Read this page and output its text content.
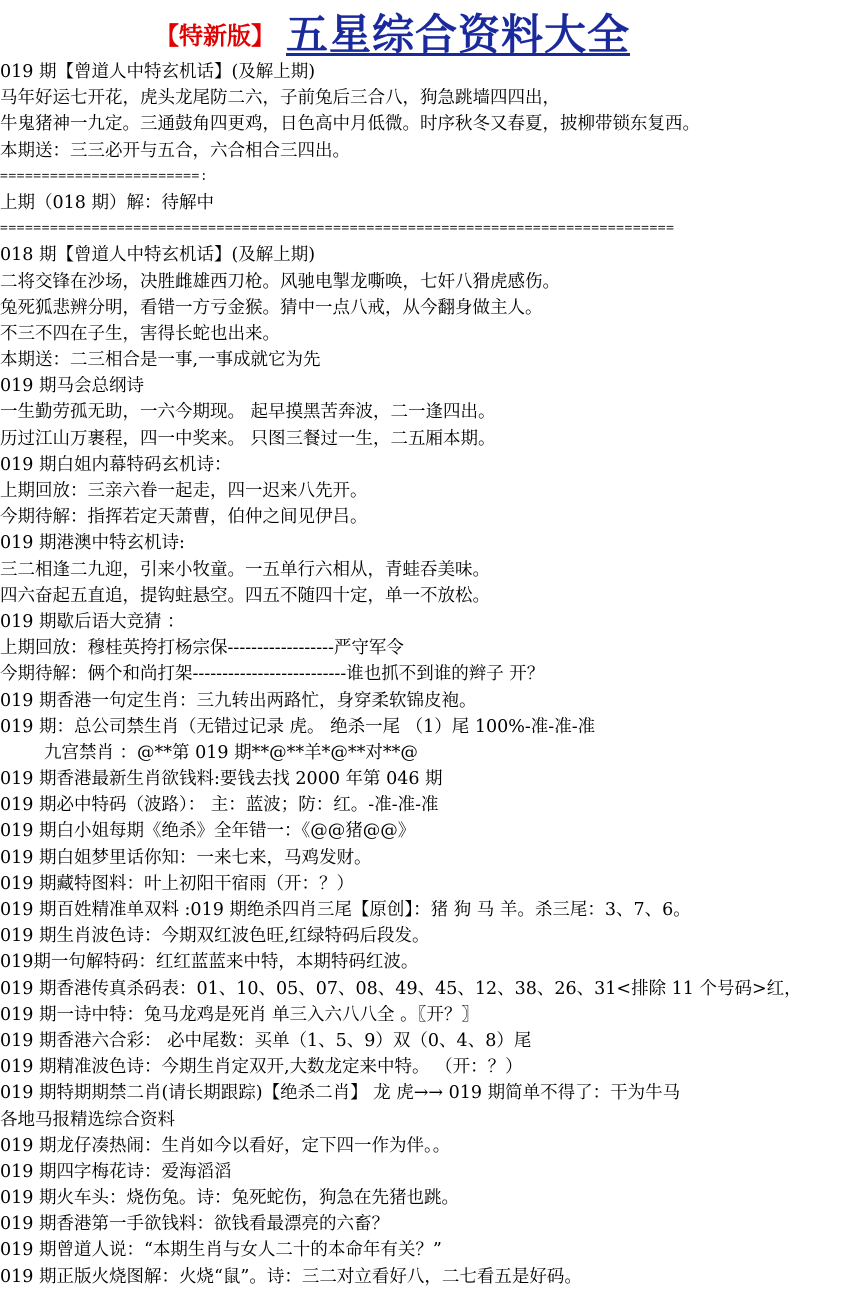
【特新版】 五星综合资料大全
019 期【曾道人中特玄机话】(及解上期)
马年好运七开花，虎头龙尾防二六，子前兔后三合八，狗急跳墙四四出，
牛鬼猪神一九定。三通鼓角四更鸡，日色高中月低微。时序秋冬又春夏，披柳带锁东复西。
本期送：三三必开与五合，六合相合三四出。
========================:
上期（018 期）解：待解中
=================================================================================
018 期【曾道人中特玄机话】(及解上期)
二将交锋在沙场，决胜雌雄西刀枪。风驰电掣龙嘶唤，七奸八猾虎感伤。
兔死狐悲辨分明，看错一方亏金猴。猜中一点八戒，从今翻身做主人。
不三不四在子生，害得长蛇也出来。
本期送：二三相合是一事,一事成就它为先
019 期马会总纲诗
一生勤劳孤无助，一六今期现。 起早摸黑苦奔波，二一逢四出。
历过江山万裹程，四一中奖来。 只图三餐过一生，二五厢本期。
019 期白姐内幕特码玄机诗：
上期回放：三亲六眷一起走，四一迟来八先开。
今期待解：指挥若定天萧曹，伯仲之间见伊吕。
019 期港澳中特玄机诗:
三二相逢二九迎，引来小牧童。一五单行六相从，青蛙吞美味。
四六奋起五直追，提钩蛀悬空。四五不随四十定，单一不放松。
019 期歇后语大竞猜 ：
上期回放：穆桂英挎打杨宗保------------------严守军令
今期待解：俩个和尚打架--------------------------谁也抓不到谁的辫子 开？
019 期香港一句定生肖：三九转出两路忙，身穿柔软锦皮袍。
019 期：总公司禁生肖（无错过记录 虎。 绝杀一尾 （1）尾 100%-准-准-准
九宫禁肖 ：@**第 019 期**@**羊*@**对**@
019 期香港最新生肖欲钱料:要钱去找 2000 年第 046 期
019 期必中特码（波路）： 主：蓝波；防：红。-准-准-准
019 期白小姐每期《绝杀》全年错一：《@@猪@@》
019 期白姐梦里话你知：一来七来，马鸡发财。
019 期藏特图料：叶上初阳干宿雨（开：？）
019 期百姓精准单双料 :019 期绝杀四肖三尾【原创】：猪 狗 马 羊。杀三尾：3、7、6。
019 期生肖波色诗：今期双红波色旺,红绿特码后段发。
019期一句解特码：红红蓝蓝来中特，本期特码红波。
019 期香港传真杀码表：01、10、05、07、08、49、45、12、38、26、31<排除 11 个号码>红，
019 期一诗中特：兔马龙鸡是死肖 单三入六八八全 。〖开？〗
019 期香港六合彩： 必中尾数：买单（1、5、9）双（0、4、8）尾
019 期精准波色诗：今期生肖定双开,大数龙定来中特。 （开：？）
019 期特期期禁二肖(请长期跟踪)【绝杀二肖】 龙 虎→→ 019 期简单不得了：干为牛马
各地马报精选综合资料
019 期龙仔凑热闹：生肖如今以看好，定下四一作为伴。。
019 期四字梅花诗：爱海滔滔
019 期火车头：烧伤兔。诗：兔死蛇伤，狗急在先猪也跳。
019 期香港第一手欲钱料：欲钱看最漂亮的六畜？
019 期曾道人说：“本期生肖与女人二十的本命年有关？”
019 期正版火烧图解：火烧“鼠”。诗：三二对立看好八，二七看五是好码。
